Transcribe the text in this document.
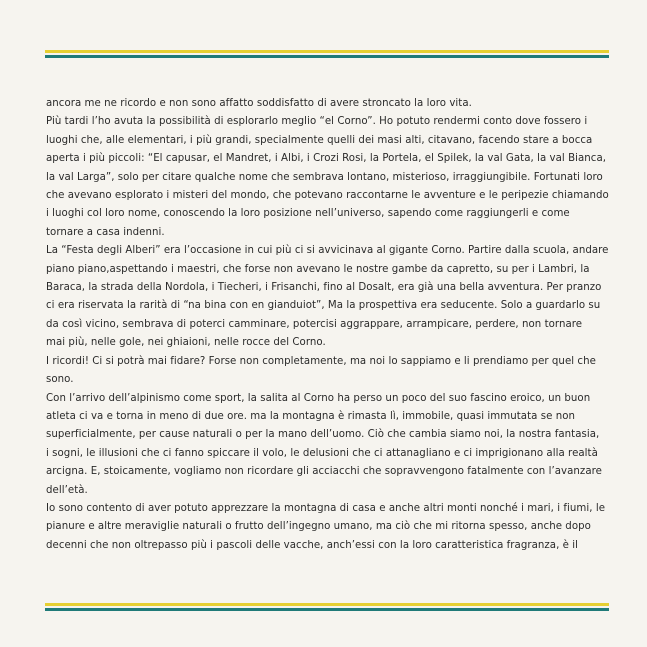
ancora me ne ricordo e non sono affatto soddisfatto di avere stroncato la loro vita.

Più tardi l’ho avuta la possibilità di esplorarlo meglio “el Corno”. Ho potuto rendermi conto dove fossero i

luoghi che, alle elementari, i più grandi, specialmente quelli dei masi alti, citavano, facendo stare a bocca

aperta i più piccoli: “El capusar, el Mandret, i Albi, i Crozi Rosi, la Portela, el Spilek, la val Gata, la val Bianca,

la val Larga”, solo per citare qualche nome che sembrava lontano, misterioso, irraggiungibile. Fortunati loro

che avevano esplorato i misteri del mondo, che potevano raccontarne le avventure e le peripezie chiamando

i luoghi col loro nome, conoscendo la loro posizione nell’universo, sapendo come raggiungerli e come

tornare a casa indenni.

La “Festa degli Alberi” era l’occasione in cui più ci si avvicinava al gigante Corno. Partire dalla scuola, andare

piano piano,aspettando i maestri, che forse non avevano le nostre gambe da capretto, su per i Lambri, la

Baraca, la strada della Nordola, i Tiecheri, i Frisanchi, fino al Dosalt, era già una bella avventura. Per pranzo

ci era riservata la rarità di “na bina con en gianduiot”, Ma la prospettiva era seducente. Solo a guardarlo su

da così vicino, sembrava di poterci camminare, potercisi aggrappare, arrampicare, perdere, non tornare

mai più, nelle gole, nei ghiaioni, nelle rocce del Corno.

I ricordi! Ci si potrà mai fidare? Forse non completamente, ma noi lo sappiamo e li prendiamo per quel che

sono.

Con l’arrivo dell’alpinismo come sport, la salita al Corno ha perso un poco del suo fascino eroico, un buon

atleta ci va e torna in meno di due ore. ma la montagna è rimasta lì, immobile, quasi immutata se non

superficialmente, per cause naturali o per la mano dell’uomo. Ciò che cambia siamo noi, la nostra fantasia,

i sogni, le illusioni che ci fanno spiccare il volo, le delusioni che ci attanagliano e ci imprigionano alla realtà

arcigna. E, stoicamente, vogliamo non ricordare gli acciacchi che sopravvengono fatalmente con l’avanzare

dell’età.

Io sono contento di aver potuto apprezzare la montagna di casa e anche altri monti nonché i mari, i fiumi, le

pianure e altre meraviglie naturali o frutto dell’ingegno umano, ma ciò che mi ritorna spesso, anche dopo

decenni che non oltrepasso più i pascoli delle vacche, anch’essi con la loro caratteristica fragranza, è il
